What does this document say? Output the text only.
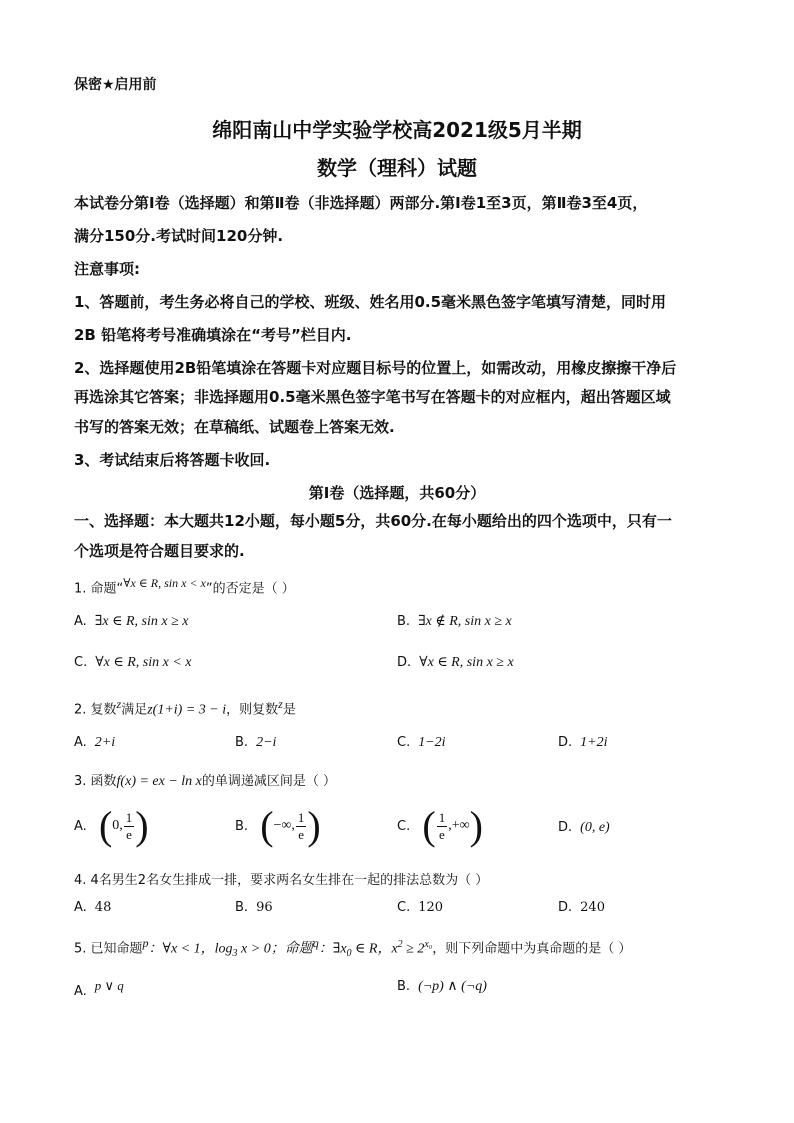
保密★启用前
绵阳南山中学实验学校高2021级5月半期
数学（理科）试题
本试卷分第Ⅰ卷（选择题）和第Ⅱ卷（非选择题）两部分.第Ⅰ卷1至3页，第Ⅱ卷3至4页，
满分150分.考试时间120分钟.
注意事项:
1、答题前，考生务必将自己的学校、班级、姓名用0.5毫米黑色签字笔填写清楚，同时用
2B 铅笔将考号准确填涂在“考号”栏目内.
2、选择题使用2B铅笔填涂在答题卡对应题目标号的位置上，如需改动，用橡皮擦擦干净后
再选涂其它答案；非选择题用0.5毫米黑色签字笔书写在答题卡的对应框内，超出答题区域
书写的答案无效；在草稿纸、试题卷上答案无效.
3、考试结束后将答题卡收回.
第Ⅰ卷（选择题，共60分）
一、选择题：本大题共12小题，每小题5分，共60分.在每小题给出的四个选项中，只有一
个选项是符合题目要求的.
1. 命题“$^{\forall x \in R, sin x < x}$”的否定是（ ）
A. ∃x ∈ R, sin x ≥ x	B. ∃x ∉ R, sin x ≥ x
C. ∀x ∈ R, sin x < x	D. ∀x ∈ R, sin x ≥ x
2. 复数$^z$满足z(1+i) = 3 − i，则复数$^z$是
A. 2+i	B. 2−i	C. 1−2i	D. 1+2i
3. 函数f(x) = ex − ln x的单调递减区间是（ ）
A. ( 0, $\frac{1}{e}$ )	B. ( −∞, $\frac{1}{e}$ )	C. ( $\frac{1}{e}$ ,+∞ )	D. (0, e)
4. 4名男生2名女生排成一排，要求两名女生排在一起的排法总数为（ ）
A. 48	B. 96	C. 120	D. 240
5. 已知命题$^p$：∀x < 1，$\log_3 x > 0$；命题$^q$：$\exists x_0$ ∈ R，$x^2 \ge 2^{x_0}$，则下列命题中为真命题的是（ ）
A. $^{p \vee q}$	B. (¬p) ∧ (¬q)
